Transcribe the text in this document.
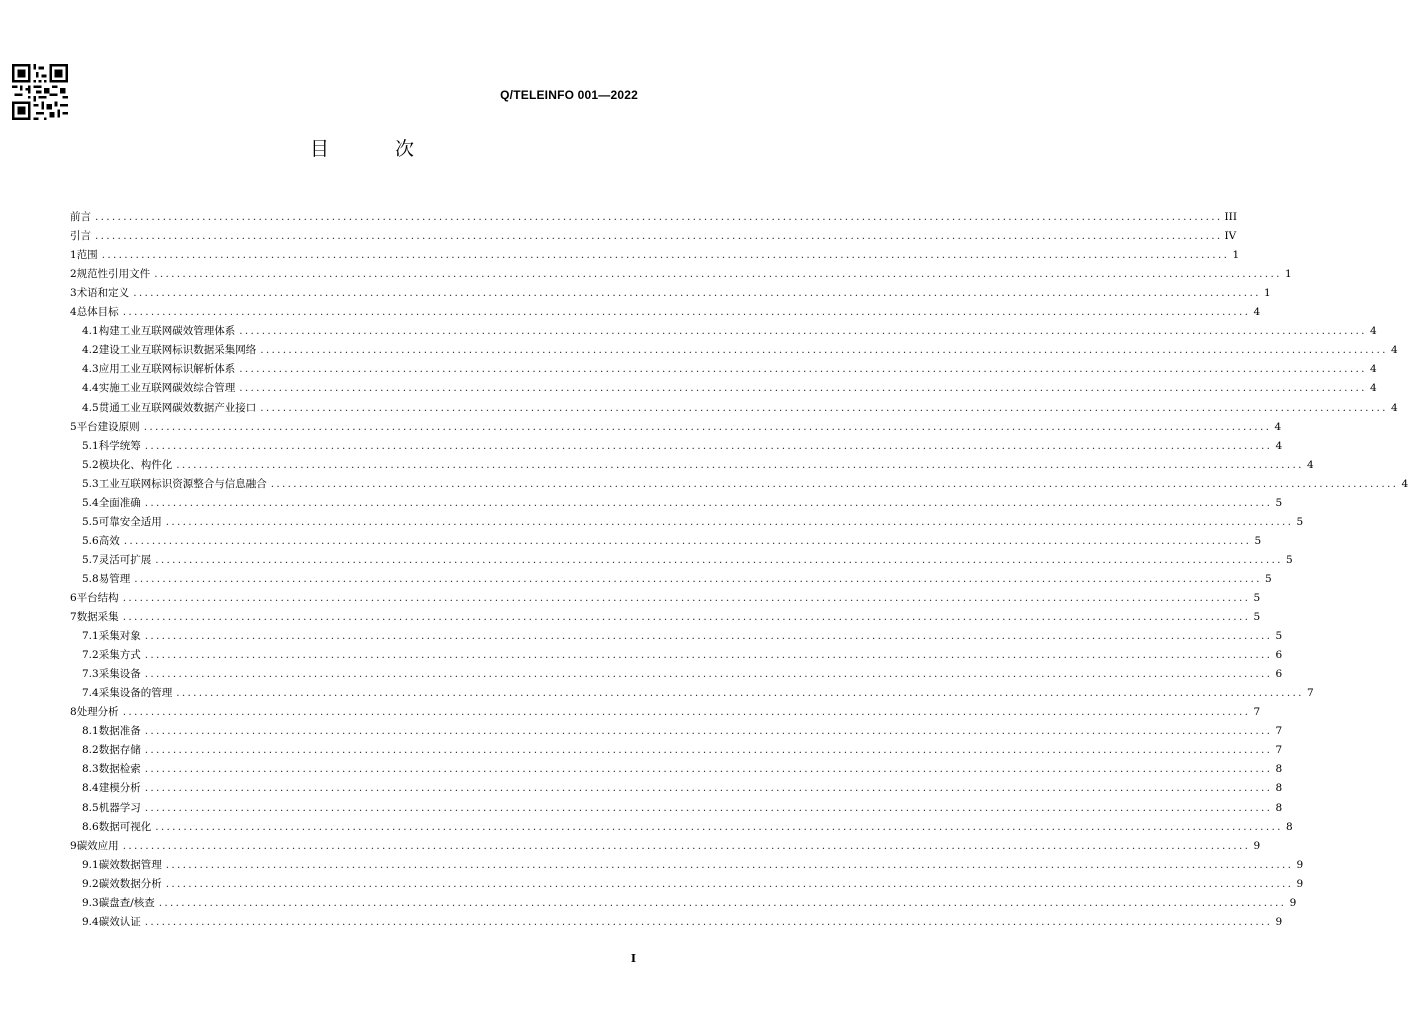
Q/TELEINFO 001—2022
目 次
前言 ........................................................................................................................................................................................................ III
引言 ........................................................................................................................................................................................................ IV
1 范围 ........................................................................................................................................................................................................ 1
2 规范性引用文件 ........................................................................................................................................................................................................ 1
3 术语和定义 ........................................................................................................................................................................................................ 1
4 总体目标 ........................................................................................................................................................................................................ 4
4.1 构建工业互联网碳效管理体系 ........................................................................................................................................................................................................ 4
4.2 建设工业互联网标识数据采集网络 ........................................................................................................................................................................................................ 4
4.3 应用工业互联网标识解析体系 ........................................................................................................................................................................................................ 4
4.4 实施工业互联网碳效综合管理 ........................................................................................................................................................................................................ 4
4.5 贯通工业互联网碳效数据产业接口 ........................................................................................................................................................................................................ 4
5 平台建设原则 ........................................................................................................................................................................................................ 4
5.1 科学统筹 ........................................................................................................................................................................................................ 4
5.2 模块化、构件化 ........................................................................................................................................................................................................ 4
5.3 工业互联网标识资源整合与信息融合 ........................................................................................................................................................................................................ 4
5.4 全面准确 ........................................................................................................................................................................................................ 5
5.5 可靠安全适用 ........................................................................................................................................................................................................ 5
5.6 高效 ........................................................................................................................................................................................................ 5
5.7 灵活可扩展 ........................................................................................................................................................................................................ 5
5.8 易管理 ........................................................................................................................................................................................................ 5
6 平台结构 ........................................................................................................................................................................................................ 5
7 数据采集 ........................................................................................................................................................................................................ 5
7.1 采集对象 ........................................................................................................................................................................................................ 5
7.2 采集方式 ........................................................................................................................................................................................................ 6
7.3 采集设备 ........................................................................................................................................................................................................ 6
7.4 采集设备的管理 ........................................................................................................................................................................................................ 7
8 处理分析 ........................................................................................................................................................................................................ 7
8.1 数据准备 ........................................................................................................................................................................................................ 7
8.2 数据存储 ........................................................................................................................................................................................................ 7
8.3 数据检索 ........................................................................................................................................................................................................ 8
8.4 建模分析 ........................................................................................................................................................................................................ 8
8.5 机器学习 ........................................................................................................................................................................................................ 8
8.6 数据可视化 ........................................................................................................................................................................................................ 8
9 碳效应用 ........................................................................................................................................................................................................ 9
9.1 碳效数据管理 ........................................................................................................................................................................................................ 9
9.2 碳效数据分析 ........................................................................................................................................................................................................ 9
9.3 碳盘查/核查 ........................................................................................................................................................................................................ 9
9.4 碳效认证 ........................................................................................................................................................................................................ 9
I
